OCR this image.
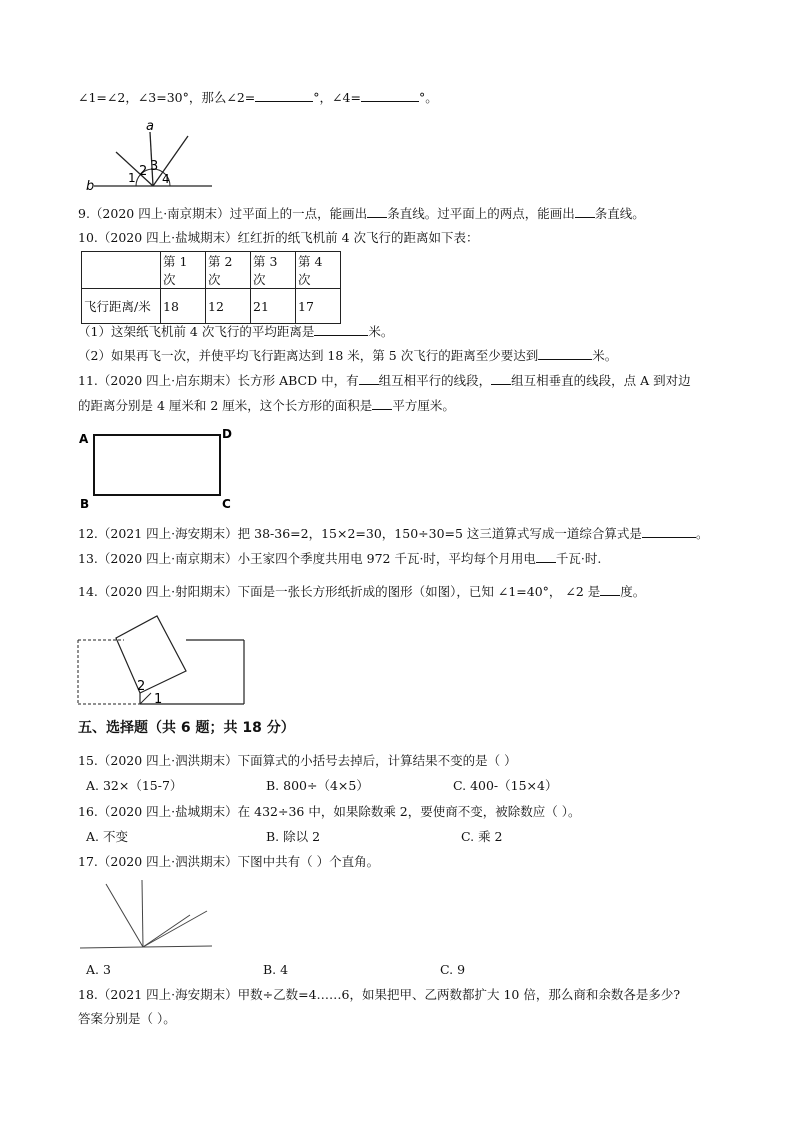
∠1=∠2，∠3=30°，那么∠2=	°，∠4=	°。
a
b
1 2 3
4
9.（2020 四上·南京期末）过平面上的一点，能画出 条直线。过平面上的两点，能画出 条直线。
10.（2020 四上·盐城期末）红红折的纸飞机前 4 次飞行的距离如下表：
	第 1 次	第 2 次	第 3 次	第 4 次
飞行距离/米	18	12	21	17
（1）这架纸飞机前 4 次飞行的平均距离是	米。
（2）如果再飞一次，并使平均飞行距离达到 18 米，第 5 次飞行的距离至少要达到	米。
11.（2020 四上·启东期末）长方形 ABCD 中，有 组互相平行的线段， 组互相垂直的线段，点 A 到对边
的距离分别是 4 厘米和 2 厘米，这个长方形的面积是 平方厘米。
A	D
B	C
12.（2021 四上·海安期末）把 38-36=2，15×2=30，150÷30=5 这三道算式写成一道综合算式是	。
13.（2020 四上·南京期末）小王家四个季度共用电 972 千瓦·时，平均每个月用电 千瓦·时.
14.（2020 四上·射阳期末）下面是一张长方形纸折成的图形（如图），已知 ∠1=40°， ∠2 是 度。
2
1
五、选择题（共 6 题；共 18 分）
15.（2020 四上·泗洪期末）下面算式的小括号去掉后，计算结果不变的是（ ）
A. 32×（15-7）	B. 800÷（4×5）	C. 400-（15×4）
16.（2020 四上·盐城期末）在 432÷36 中，如果除数乘 2，要使商不变，被除数应（ ）。
A. 不变	B. 除以 2	C. 乘 2
17.（2020 四上·泗洪期末）下图中共有（ ）个直角。
A. 3	B. 4	C. 9
18.（2021 四上·海安期末）甲数÷乙数=4……6，如果把甲、乙两数都扩大 10 倍，那么商和余数各是多少?
答案分别是（ ）。
